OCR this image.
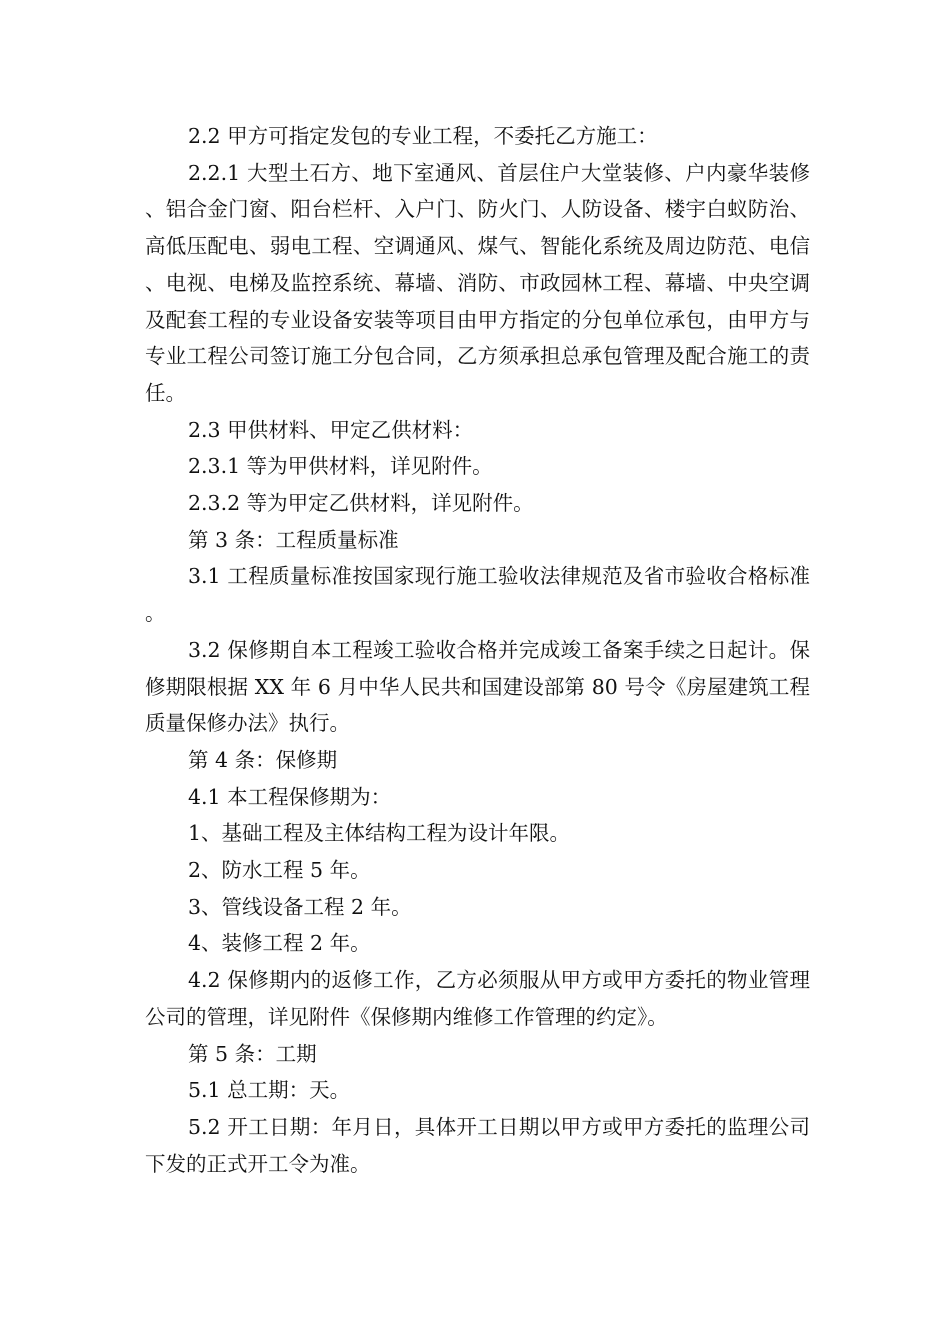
2.2 甲方可指定发包的专业工程，不委托乙方施工：

2.2.1 大型土石方、地下室通风、首层住户大堂装修、户内豪华装修、铝合金门窗、阳台栏杆、入户门、防火门、人防设备、楼宇白蚁防治、高低压配电、弱电工程、空调通风、煤气、智能化系统及周边防范、电信、电视、电梯及监控系统、幕墙、消防、市政园林工程、幕墙、中央空调及配套工程的专业设备安装等项目由甲方指定的分包单位承包，由甲方与专业工程公司签订施工分包合同，乙方须承担总承包管理及配合施工的责任。

2.3 甲供材料、甲定乙供材料：

2.3.1 等为甲供材料，详见附件。

2.3.2 等为甲定乙供材料，详见附件。

第 3 条：工程质量标准

3.1 工程质量标准按国家现行施工验收法律规范及省市验收合格标准。

3.2 保修期自本工程竣工验收合格并完成竣工备案手续之日起计。保修期限根据 XX 年 6 月中华人民共和国建设部第 80 号令《房屋建筑工程质量保修办法》执行。

第 4 条：保修期

4.1 本工程保修期为：

1、基础工程及主体结构工程为设计年限。

2、防水工程 5 年。

3、管线设备工程 2 年。

4、装修工程 2 年。

4.2 保修期内的返修工作，乙方必须服从甲方或甲方委托的物业管理公司的管理，详见附件《保修期内维修工作管理的约定》。

第 5 条：工期

5.1 总工期：天。

5.2 开工日期：年月日，具体开工日期以甲方或甲方委托的监理公司下发的正式开工令为准。
